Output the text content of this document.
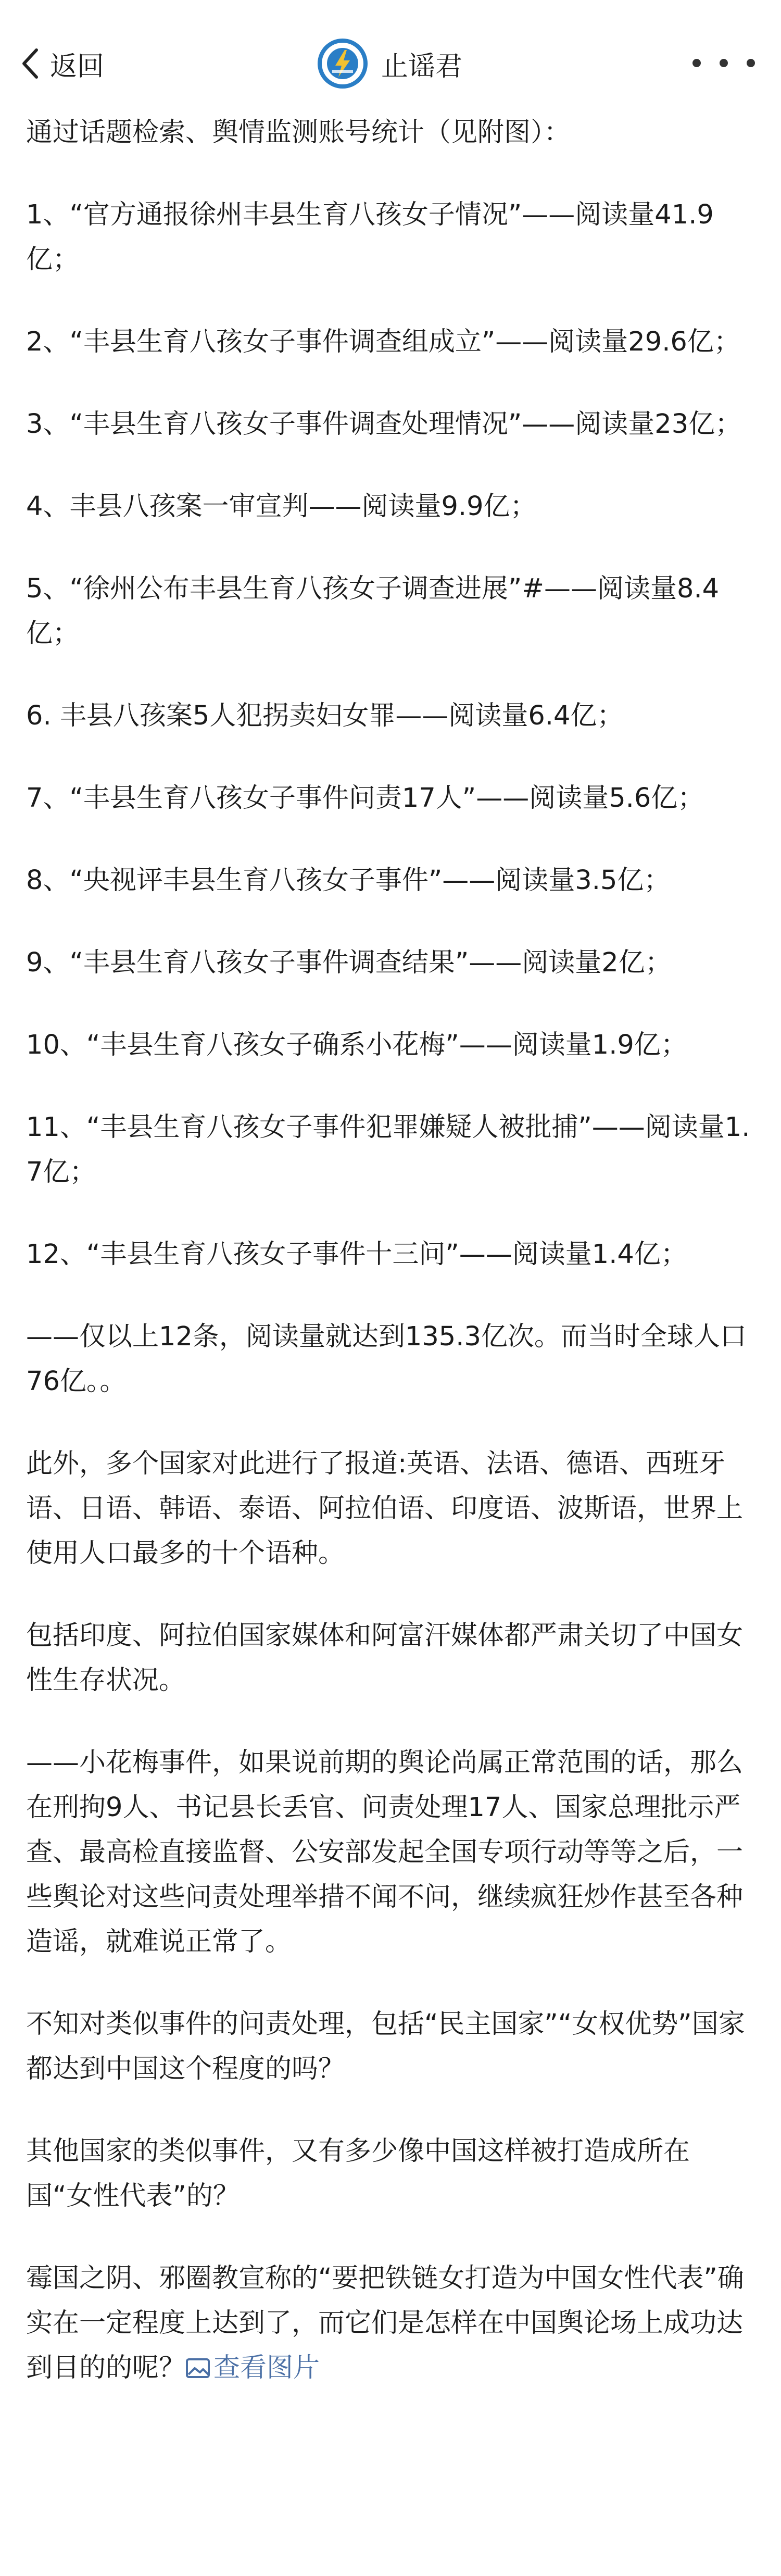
返回	止谣君

通过话题检索、舆情监测账号统计（见附图）：

1、“官方通报徐州丰县生育八孩女子情况”——阅读量41.9亿；

2、“丰县生育八孩女子事件调查组成立”——阅读量29.6亿；

3、“丰县生育八孩女子事件调查处理情况”——阅读量23亿；

4、丰县八孩案一审宣判——阅读量9.9亿；

5、“徐州公布丰县生育八孩女子调查进展”#——阅读量8.4亿；

6. 丰县八孩案5人犯拐卖妇女罪——阅读量6.4亿；

7、“丰县生育八孩女子事件问责17人”——阅读量5.6亿；

8、“央视评丰县生育八孩女子事件”——阅读量3.5亿；

9、“丰县生育八孩女子事件调查结果”——阅读量2亿；

10、“丰县生育八孩女子确系小花梅”——阅读量1.9亿；

11、“丰县生育八孩女子事件犯罪嫌疑人被批捕”——阅读量1.7亿；

12、“丰县生育八孩女子事件十三问”——阅读量1.4亿；

——仅以上12条，阅读量就达到135.3亿次。而当时全球人口76亿。。

此外，多个国家对此进行了报道:英语、法语、德语、西班牙语、日语、韩语、泰语、阿拉伯语、印度语、波斯语，世界上使用人口最多的十个语种。

包括印度、阿拉伯国家媒体和阿富汗媒体都严肃关切了中国女性生存状况。

——小花梅事件，如果说前期的舆论尚属正常范围的话，那么在刑拘9人、书记县长丢官、问责处理17人、国家总理批示严查、最高检直接监督、公安部发起全国专项行动等等之后，一些舆论对这些问责处理举措不闻不问，继续疯狂炒作甚至各种造谣，就难说正常了。

不知对类似事件的问责处理，包括“民主国家”“女权优势”国家都达到中国这个程度的吗？

其他国家的类似事件，又有多少像中国这样被打造成所在国“女性代表”的？

霉国之阴、邪圈教宣称的“要把铁链女打造为中国女性代表”确实在一定程度上达到了，而它们是怎样在中国舆论场上成功达到目的的呢？ 查看图片
